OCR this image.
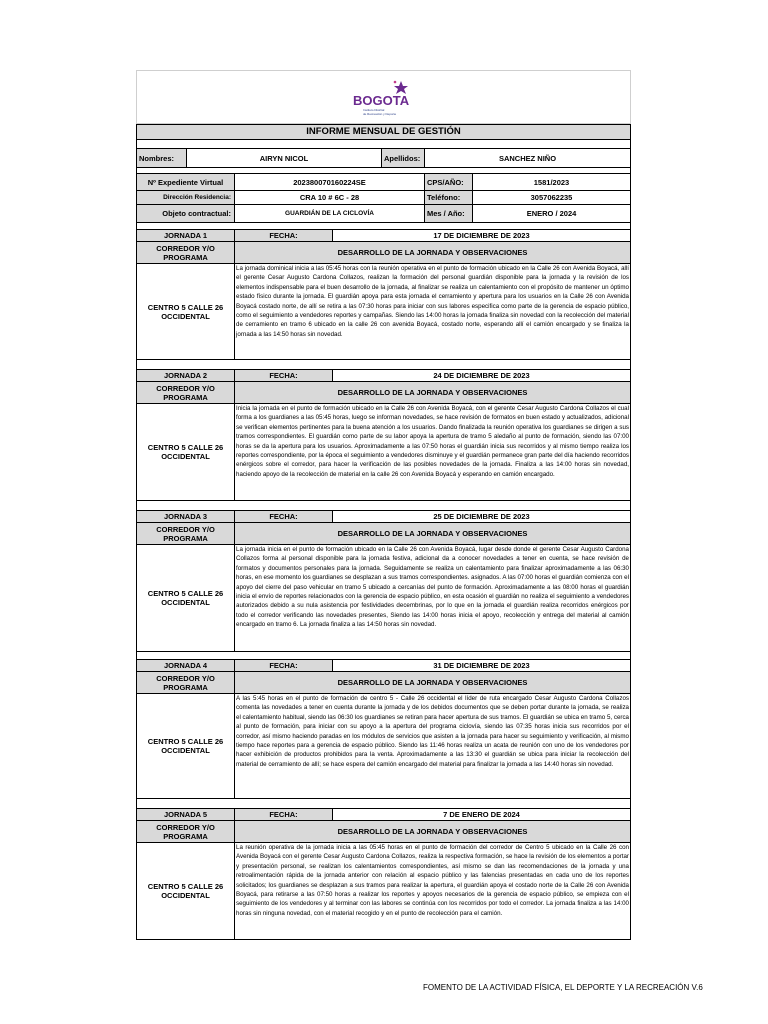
BOGOTA
Instituto Distrital
de Recreación y Deporte
INFORME MENSUAL DE GESTIÓN
Nombres:	AIRYN NICOL	Apellidos:	SANCHEZ NIÑO
Nº Expediente Virtual	202380070160224SE	CPS/AÑO:	1581/2023
Dirección Residencia:	CRA 10 # 6C - 28	Teléfono:	3057062235
Objeto contractual:	GUARDIÁN DE LA CICLOVÍA	Mes / Año:	ENERO / 2024
JORNADA 1	FECHA:	17 DE DICIEMBRE DE 2023
CORREDOR Y/O PROGRAMA	DESARROLLO DE LA JORNADA Y OBSERVACIONES
CENTRO 5 CALLE 26 OCCIDENTAL
La jornada dominical inicia a las 05:45 horas con la reunión operativa en el punto de formación ubicado en la Calle 26 con Avenida Boyacá, allí el gerente Cesar Augusto Cardona Collazos, realizan la formación del personal guardián disponible para la jornada y la revisión de los elementos indispensable para el buen desarrollo de la jornada, al finalizar se realiza un calentamiento con el propósito de mantener un óptimo estado físico durante la jornada. El guardián apoya para esta jornada el cerramiento y apertura para los usuarios en la Calle 26 con Avenida Boyacá costado norte, de allí se retira a las 07:30 horas para iniciar con sus labores especifica como parte de la gerencia de espacio público, como el seguimiento a vendedores reportes y campañas. Siendo las 14:00 horas la jornada finaliza sin novedad con la recolección del material de cerramiento en tramo 6 ubicado en la calle 26 con avenida Boyacá, costado norte, esperando allí el camión encargado y se finaliza la jornada a las 14:50 horas sin novedad.
JORNADA 2	FECHA:	24 DE DICIEMBRE DE 2023
CORREDOR Y/O PROGRAMA	DESARROLLO DE LA JORNADA Y OBSERVACIONES
CENTRO 5 CALLE 26 OCCIDENTAL
Inicia la jornada en el punto de formación ubicado en la Calle 26 con Avenida Boyacá, con el gerente Cesar Augusto Cardona Collazos el cual forma a los guardianes a las 05:45 horas, luego se informan novedades, se hace revisión de formatos en buen estado y actualizados, adicional se verifican elementos pertinentes para la buena atención a los usuarios. Dando finalizada la reunión operativa los guardianes se dirigen a sus tramos correspondientes. El guardián como parte de su labor apoya la apertura de tramo 5 aledaño al punto de formación, siendo las 07:00 horas se da la apertura para los usuarios. Aproximadamente a las 07:50 horas el guardián inicia sus recorridos y al mismo tiempo realiza los reportes correspondiente, por la época el seguimiento a vendedores disminuye y el guardián permanece gran parte del día haciendo recorridos enérgicos sobre el corredor, para hacer la verificación de las posibles novedades de la jornada. Finaliza a las 14:00 horas sin novedad, haciendo apoyo de la recolección de material en la calle 26 con Avenida Boyacá y esperando en camión encargado.
JORNADA 3	FECHA:	25 DE DICIEMBRE DE 2023
CORREDOR Y/O PROGRAMA	DESARROLLO DE LA JORNADA Y OBSERVACIONES
CENTRO 5 CALLE 26 OCCIDENTAL
La jornada inicia en el punto de formación ubicado en la Calle 26 con Avenida Boyacá, lugar desde donde el gerente Cesar Augusto Cardona Collazos forma al personal disponible para la jornada festiva, adicional da a conocer novedades a tener en cuenta, se hace revisión de formatos y documentos personales para la jornada. Seguidamente se realiza un calentamiento para finalizar aproximadamente a las 06:30 horas, en ese momento los guardianes se desplazan a sus tramos correspondientes. asignados. A las 07:00 horas el guardián comienza con el apoyo del cierre del paso vehicular en tramo 5 ubicado a cercanías del punto de formación. Aproximadamente a las 08:00 horas el guardián inicia el envío de reportes relacionados con la gerencia de espacio público, en esta ocasión el guardián no realiza el seguimiento a vendedores autorizados debido a su nula asistencia por festividades decembrinas, por lo que en la jornada el guardián realiza recorridos enérgicos por todo el corredor verificando las novedades presentes, Siendo las 14:00 horas inicia el apoyo, recolección y entrega del material al camión encargado en tramo 6. La jornada finaliza a las 14:50 horas sin novedad.
JORNADA 4	FECHA:	31 DE DICIEMBRE DE 2023
CORREDOR Y/O PROGRAMA	DESARROLLO DE LA JORNADA Y OBSERVACIONES
CENTRO 5 CALLE 26 OCCIDENTAL
A las 5:45 horas en el punto de formación de centro 5 - Calle 26 occidental el líder de ruta encargado Cesar Augusto Cardona Collazos comenta las novedades a tener en cuenta durante la jornada y de los debidos documentos que se deben portar durante la jornada, se realiza el calentamiento habitual, siendo las 06:30 los guardianes se retiran para hacer apertura de sus tramos. El guardián se ubica en tramo 5, cerca al punto de formación, para iniciar con su apoyo a la apertura del programa ciclovía, siendo las 07:35 horas inicia sus recorridos por el corredor, así mismo haciendo paradas en los módulos de servicios que asisten a la jornada para hacer su seguimiento y verificación, al mismo tiempo hace reportes para a gerencia de espacio público. Siendo las 11:46 horas realiza un acata de reunión con uno de los vendedores por hacer exhibición de productos prohibidos para la venta. Aproximadamente a las 13:30 el guardián se ubica para iniciar la recolección del material de cerramiento de allí; se hace espera del camión encargado del material para finalizar la jornada a las 14:40 horas sin novedad.
JORNADA 5	FECHA:	7 DE ENERO DE 2024
CORREDOR Y/O PROGRAMA	DESARROLLO DE LA JORNADA Y OBSERVACIONES
CENTRO 5 CALLE 26 OCCIDENTAL
La reunión operativa de la jornada inicia a las 05:45 horas en el punto de formación del corredor de Centro 5 ubicado en la Calle 26 con Avenida Boyacá con el gerente Cesar Augusto Cardona Collazos, realiza la respectiva formación, se hace la revisión de los elementos a portar y presentación personal, se realizan los calentamientos correspondientes, así mismo se dan las recomendaciones de la jornada y una retroalimentación rápida de la jornada anterior con relación al espacio público y las falencias presentadas en cada uno de los reportes solicitados; los guardianes se desplazan a sus tramos para realizar la apertura, el guardián apoya el costado norte de la Calle 26 con Avenida Boyacá, para retirarse a las 07:50 horas a realizar los reportes y apoyos necesarios de la gerencia de espacio público, se empieza con el seguimiento de los vendedores y al terminar con las labores se continúa con los recorridos por todo el corredor. La jornada finaliza a las 14:00 horas sin ninguna novedad, con el material recogido y en el punto de recolección para el camión.
FOMENTO DE LA ACTIVIDAD FÍSICA, EL DEPORTE Y LA RECREACIÓN V.6
